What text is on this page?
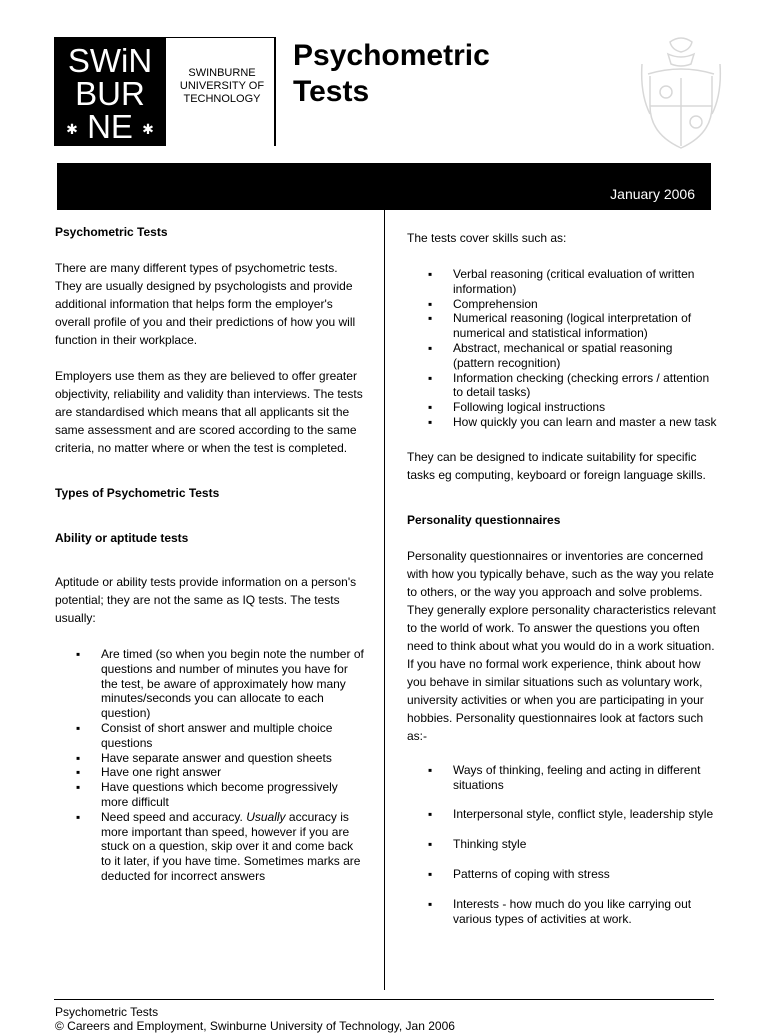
SWiN
BUR
✱ NE ✱
SWINBURNE
UNIVERSITY OF
TECHNOLOGY
Psychometric
Tests
January 2006

Psychometric Tests

There are many different types of psychometric tests. They are usually designed by psychologists and provide additional information that helps form the employer's overall profile of you and their predictions of how you will function in their workplace.

Employers use them as they are believed to offer greater objectivity, reliability and validity than interviews. The tests are standardised which means that all applicants sit the same assessment and are scored according to the same criteria, no matter where or when the test is completed.

Types of Psychometric Tests

Ability or aptitude tests

Aptitude or ability tests provide information on a person's potential; they are not the same as IQ tests. The tests usually:

▪ Are timed (so when you begin note the number of questions and number of minutes you have for the test, be aware of approximately how many minutes/seconds you can allocate to each question)
▪ Consist of short answer and multiple choice questions
▪ Have separate answer and question sheets
▪ Have one right answer
▪ Have questions which become progressively more difficult
▪ Need speed and accuracy. Usually accuracy is more important than speed, however if you are stuck on a question, skip over it and come back to it later, if you have time. Sometimes marks are deducted for incorrect answers

The tests cover skills such as:

▪ Verbal reasoning (critical evaluation of written information)
▪ Comprehension
▪ Numerical reasoning (logical interpretation of numerical and statistical information)
▪ Abstract, mechanical or spatial reasoning (pattern recognition)
▪ Information checking (checking errors / attention to detail tasks)
▪ Following logical instructions
▪ How quickly you can learn and master a new task

They can be designed to indicate suitability for specific tasks eg computing, keyboard or foreign language skills.

Personality questionnaires

Personality questionnaires or inventories are concerned with how you typically behave, such as the way you relate to others, or the way you approach and solve problems. They generally explore personality characteristics relevant to the world of work. To answer the questions you often need to think about what you would do in a work situation. If you have no formal work experience, think about how you behave in similar situations such as voluntary work, university activities or when you are participating in your hobbies. Personality questionnaires look at factors such as:-

▪ Ways of thinking, feeling and acting in different situations
▪ Interpersonal style, conflict style, leadership style
▪ Thinking style
▪ Patterns of coping with stress
▪ Interests - how much do you like carrying out various types of activities at work.
Psychometric Tests
© Careers and Employment, Swinburne University of Technology, Jan 2006
